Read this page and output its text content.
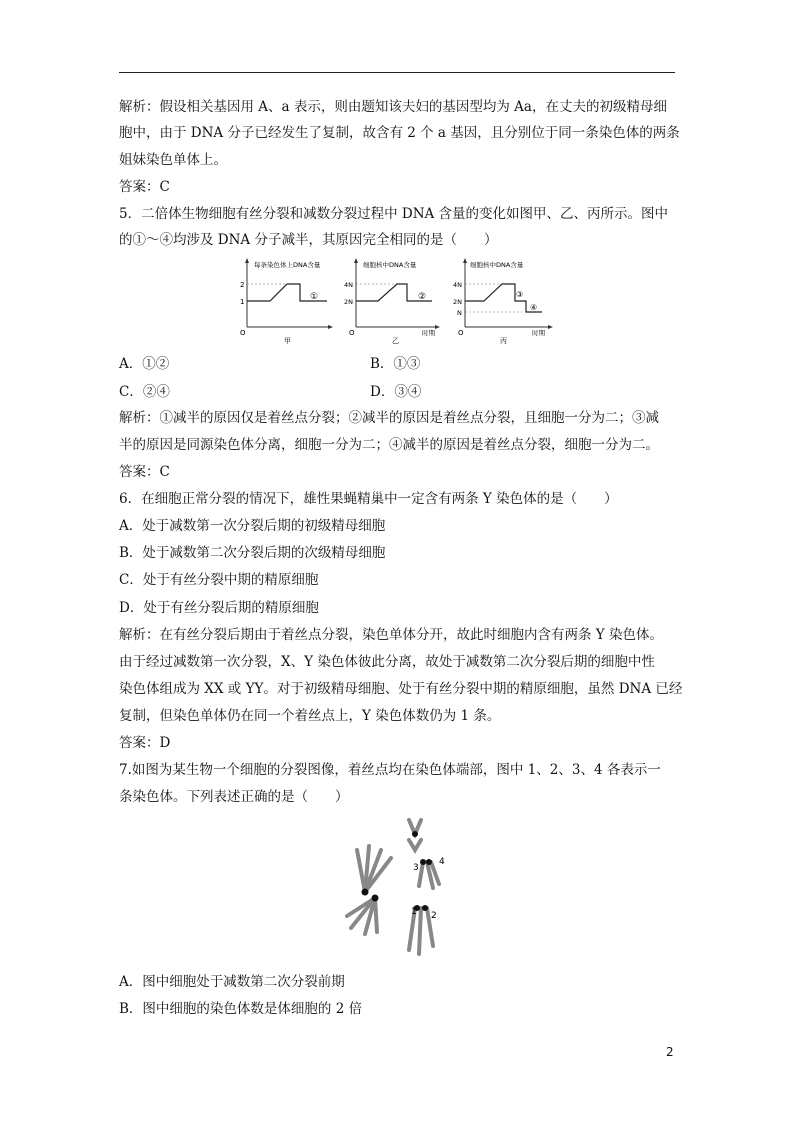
解析：假设相关基因用 A、a 表示，则由题知该夫妇的基因型均为 Aa，在丈夫的初级精母细
胞中，由于 DNA 分子已经发生了复制，故含有 2 个 a 基因，且分别位于同一条染色体的两条
姐妹染色单体上。
答案：C
5．二倍体生物细胞有丝分裂和减数分裂过程中 DNA 含量的变化如图甲、乙、丙所示。图中
的①～④均涉及 DNA 分子减半，其原因完全相同的是（　　）
每条染色体上DNA含量
2
1	①
O
甲
细胞核中DNA含量
4N
2N	②
O
乙
时期
细胞核中DNA含量
4N
2N
N
③
④
O
丙
时期
A．①②	B．①③
C．②④	D．③④
解析：①减半的原因仅是着丝点分裂；②减半的原因是着丝点分裂，且细胞一分为二；③减
半的原因是同源染色体分离，细胞一分为二；④减半的原因是着丝点分裂，细胞一分为二。
答案：C
6．在细胞正常分裂的情况下，雄性果蝇精巢中一定含有两条 Y 染色体的是（　　）
A．处于减数第一次分裂后期的初级精母细胞
B．处于减数第二次分裂后期的次级精母细胞
C．处于有丝分裂中期的精原细胞
D．处于有丝分裂后期的精原细胞
解析：在有丝分裂后期由于着丝点分裂，染色单体分开，故此时细胞内含有两条 Y 染色体。
由于经过减数第一次分裂，X、Y 染色体彼此分离，故处于减数第二次分裂后期的细胞中性
染色体组成为 XX 或 YY。对于初级精母细胞、处于有丝分裂中期的精原细胞，虽然 DNA 已经
复制，但染色单体仍在同一个着丝点上，Y 染色体数仍为 1 条。
答案：D
7.如图为某生物一个细胞的分裂图像，着丝点均在染色体端部，图中 1、2、3、4 各表示一
条染色体。下列表述正确的是（　　）
1 2
3
4
A．图中细胞处于减数第二次分裂前期
B．图中细胞的染色体数是体细胞的 2 倍
2
